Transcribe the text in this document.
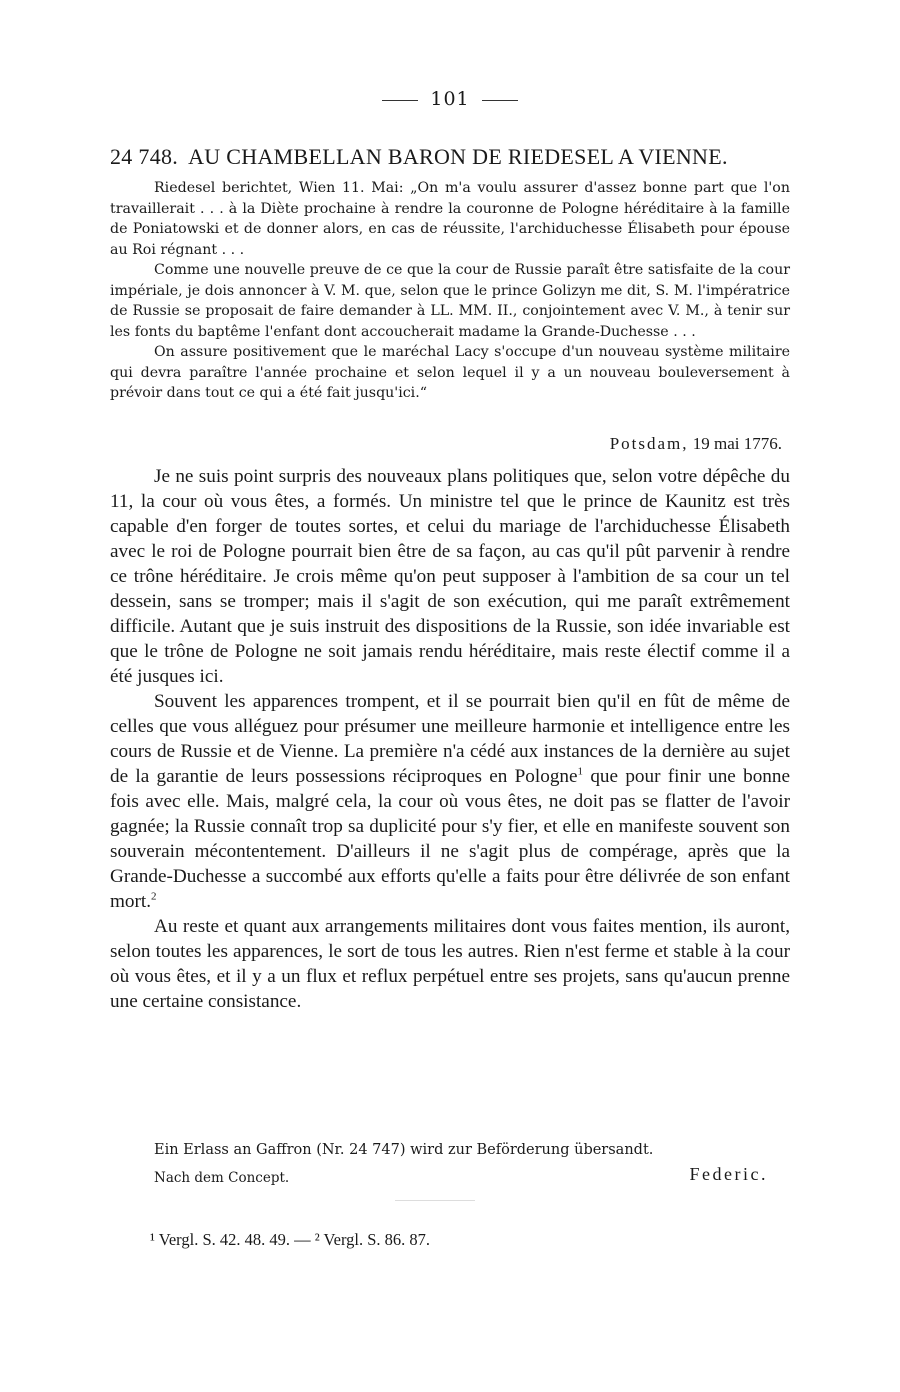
101
24 748. AU CHAMBELLAN BARON DE RIEDESEL A VIENNE.

Riedesel berichtet, Wien 11. Mai: „On m'a voulu assurer d'assez bonne part que l'on travaillerait . . . à la Diète prochaine à rendre la couronne de Pologne héréditaire à la famille de Poniatowski et de donner alors, en cas de réussite, l'archiduchesse Élisabeth pour épouse au Roi régnant . . .

Comme une nouvelle preuve de ce que la cour de Russie paraît être satisfaite de la cour impériale, je dois annoncer à V. M. que, selon que le prince Golizyn me dit, S. M. l'impératrice de Russie se proposait de faire demander à LL. MM. II., conjointement avec V. M., à tenir sur les fonts du baptême l'enfant dont accoucherait madame la Grande-Duchesse . . .

On assure positivement que le maréchal Lacy s'occupe d'un nouveau système militaire qui devra paraître l'année prochaine et selon lequel il y a un nouveau bouleversement à prévoir dans tout ce qui a été fait jusqu'ici.“

Potsdam, 19 mai 1776.

Je ne suis point surpris des nouveaux plans politiques que, selon votre dépêche du 11, la cour où vous êtes, a formés. Un ministre tel que le prince de Kaunitz est très capable d'en forger de toutes sortes, et celui du mariage de l'archiduchesse Élisabeth avec le roi de Pologne pourrait bien être de sa façon, au cas qu'il pût parvenir à rendre ce trône héréditaire. Je crois même qu'on peut supposer à l'ambition de sa cour un tel dessein, sans se tromper; mais il s'agit de son exécution, qui me paraît extrêmement difficile. Autant que je suis instruit des dispositions de la Russie, son idée invariable est que le trône de Pologne ne soit jamais rendu héréditaire, mais reste électif comme il a été jusques ici.

Souvent les apparences trompent, et il se pourrait bien qu'il en fût de même de celles que vous alléguez pour présumer une meilleure harmonie et intelligence entre les cours de Russie et de Vienne. La première n'a cédé aux instances de la dernière au sujet de la garantie de leurs possessions réciproques en Pologne$^1$ que pour finir une bonne fois avec elle. Mais, malgré cela, la cour où vous êtes, ne doit pas se flatter de l'avoir gagnée; la Russie connaît trop sa duplicité pour s'y fier, et elle en manifeste souvent son souverain mécontentement. D'ailleurs il ne s'agit plus de compérage, après que la Grande-Duchesse a succombé aux efforts qu'elle a faits pour être délivrée de son enfant mort.$^2$

Au reste et quant aux arrangements militaires dont vous faites mention, ils auront, selon toutes les apparences, le sort de tous les autres. Rien n'est ferme et stable à la cour où vous êtes, et il y a un flux et reflux perpétuel entre ses projets, sans qu'aucun prenne une certaine consistance.

Ein Erlass an Gaffron (Nr. 24 747) wird zur Beförderung übersandt.
Nach dem Concept.	Federic.
¹ Vergl. S. 42. 48. 49. — ² Vergl. S. 86. 87.
